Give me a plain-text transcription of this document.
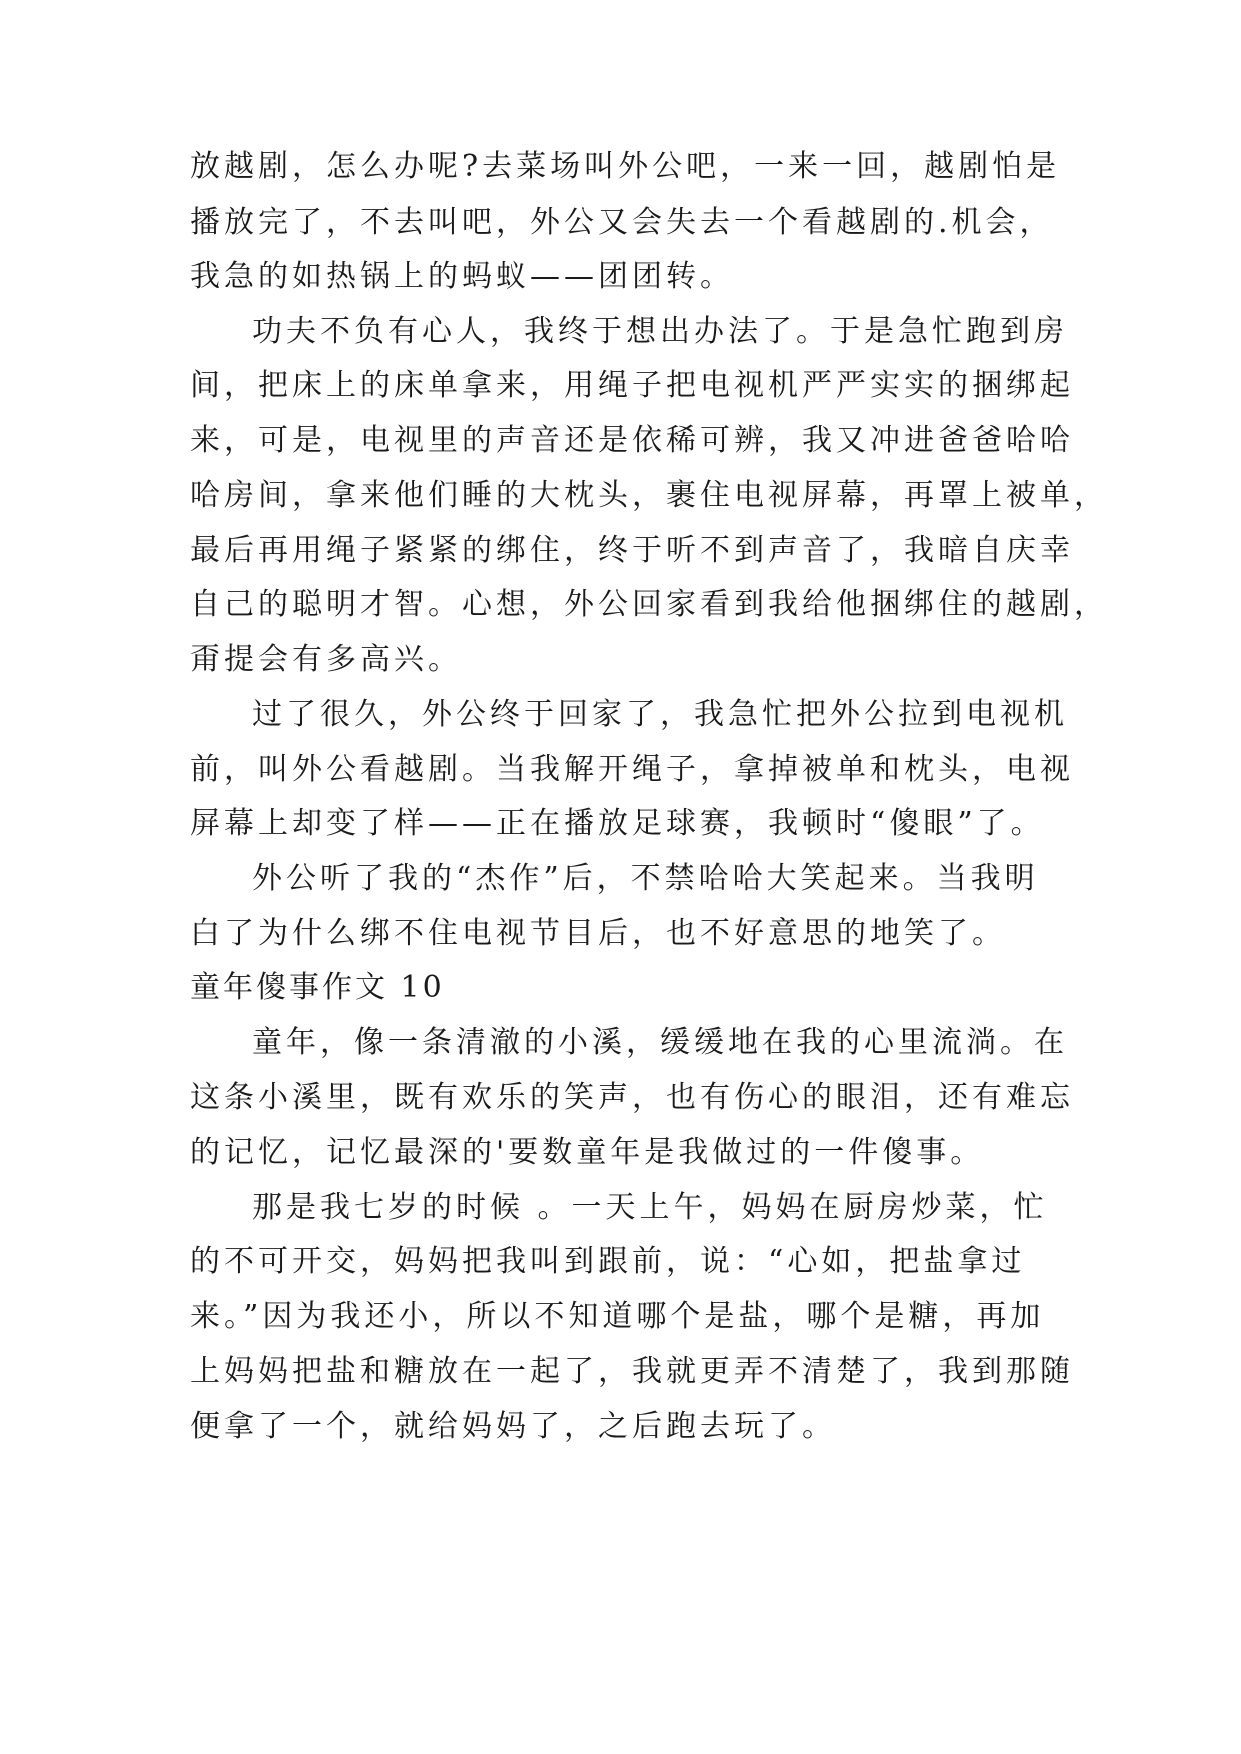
放越剧，怎么办呢?去菜场叫外公吧，一来一回，越剧怕是
播放完了，不去叫吧，外公又会失去一个看越剧的.机会，
我急的如热锅上的蚂蚁——团团转。
功夫不负有心人，我终于想出办法了。于是急忙跑到房
间，把床上的床单拿来，用绳子把电视机严严实实的捆绑起
来，可是，电视里的声音还是依稀可辨，我又冲进爸爸哈哈
哈房间，拿来他们睡的大枕头，裹住电视屏幕，再罩上被单，
最后再用绳子紧紧的绑住，终于听不到声音了，我暗自庆幸
自己的聪明才智。心想，外公回家看到我给他捆绑住的越剧，
甭提会有多高兴。
过了很久，外公终于回家了，我急忙把外公拉到电视机
前，叫外公看越剧。当我解开绳子，拿掉被单和枕头，电视
屏幕上却变了样——正在播放足球赛，我顿时“傻眼”了。
外公听了我的“杰作”后，不禁哈哈大笑起来。当我明
白了为什么绑不住电视节目后，也不好意思的地笑了。
童年傻事作文 10
童年，像一条清澈的小溪，缓缓地在我的心里流淌。在
这条小溪里，既有欢乐的笑声，也有伤心的眼泪，还有难忘
的记忆，记忆最深的'要数童年是我做过的一件傻事。
那是我七岁的时候 。一天上午，妈妈在厨房炒菜，忙
的不可开交，妈妈把我叫到跟前，说：“心如，把盐拿过
来。”因为我还小，所以不知道哪个是盐，哪个是糖，再加
上妈妈把盐和糖放在一起了，我就更弄不清楚了，我到那随
便拿了一个，就给妈妈了，之后跑去玩了。
